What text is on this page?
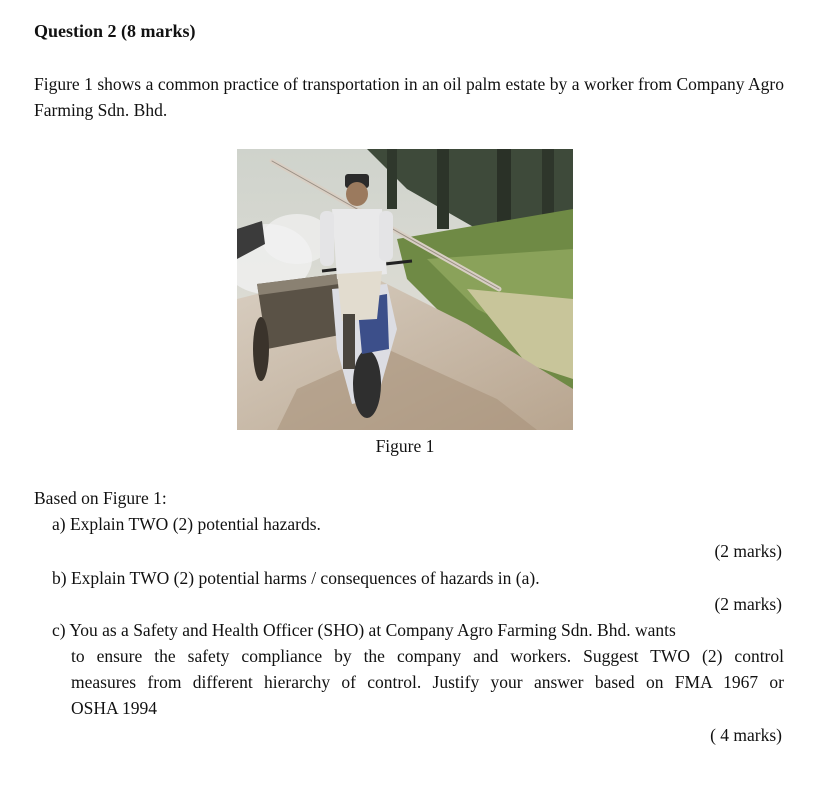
Question 2 (8 marks)
Figure 1 shows a common practice of transportation in an oil palm estate by a worker from Company Agro Farming Sdn. Bhd.
Figure 1
Based on Figure 1:
a) Explain TWO (2) potential hazards.
(2 marks)
b) Explain TWO (2) potential harms / consequences of hazards in (a).
(2 marks)
c) You as a Safety and Health Officer (SHO) at Company Agro Farming Sdn. Bhd. wants
to ensure the safety compliance by the company and workers. Suggest TWO (2) control
measures from different hierarchy of control. Justify your answer based on FMA 1967 or
OSHA 1994
( 4 marks)
